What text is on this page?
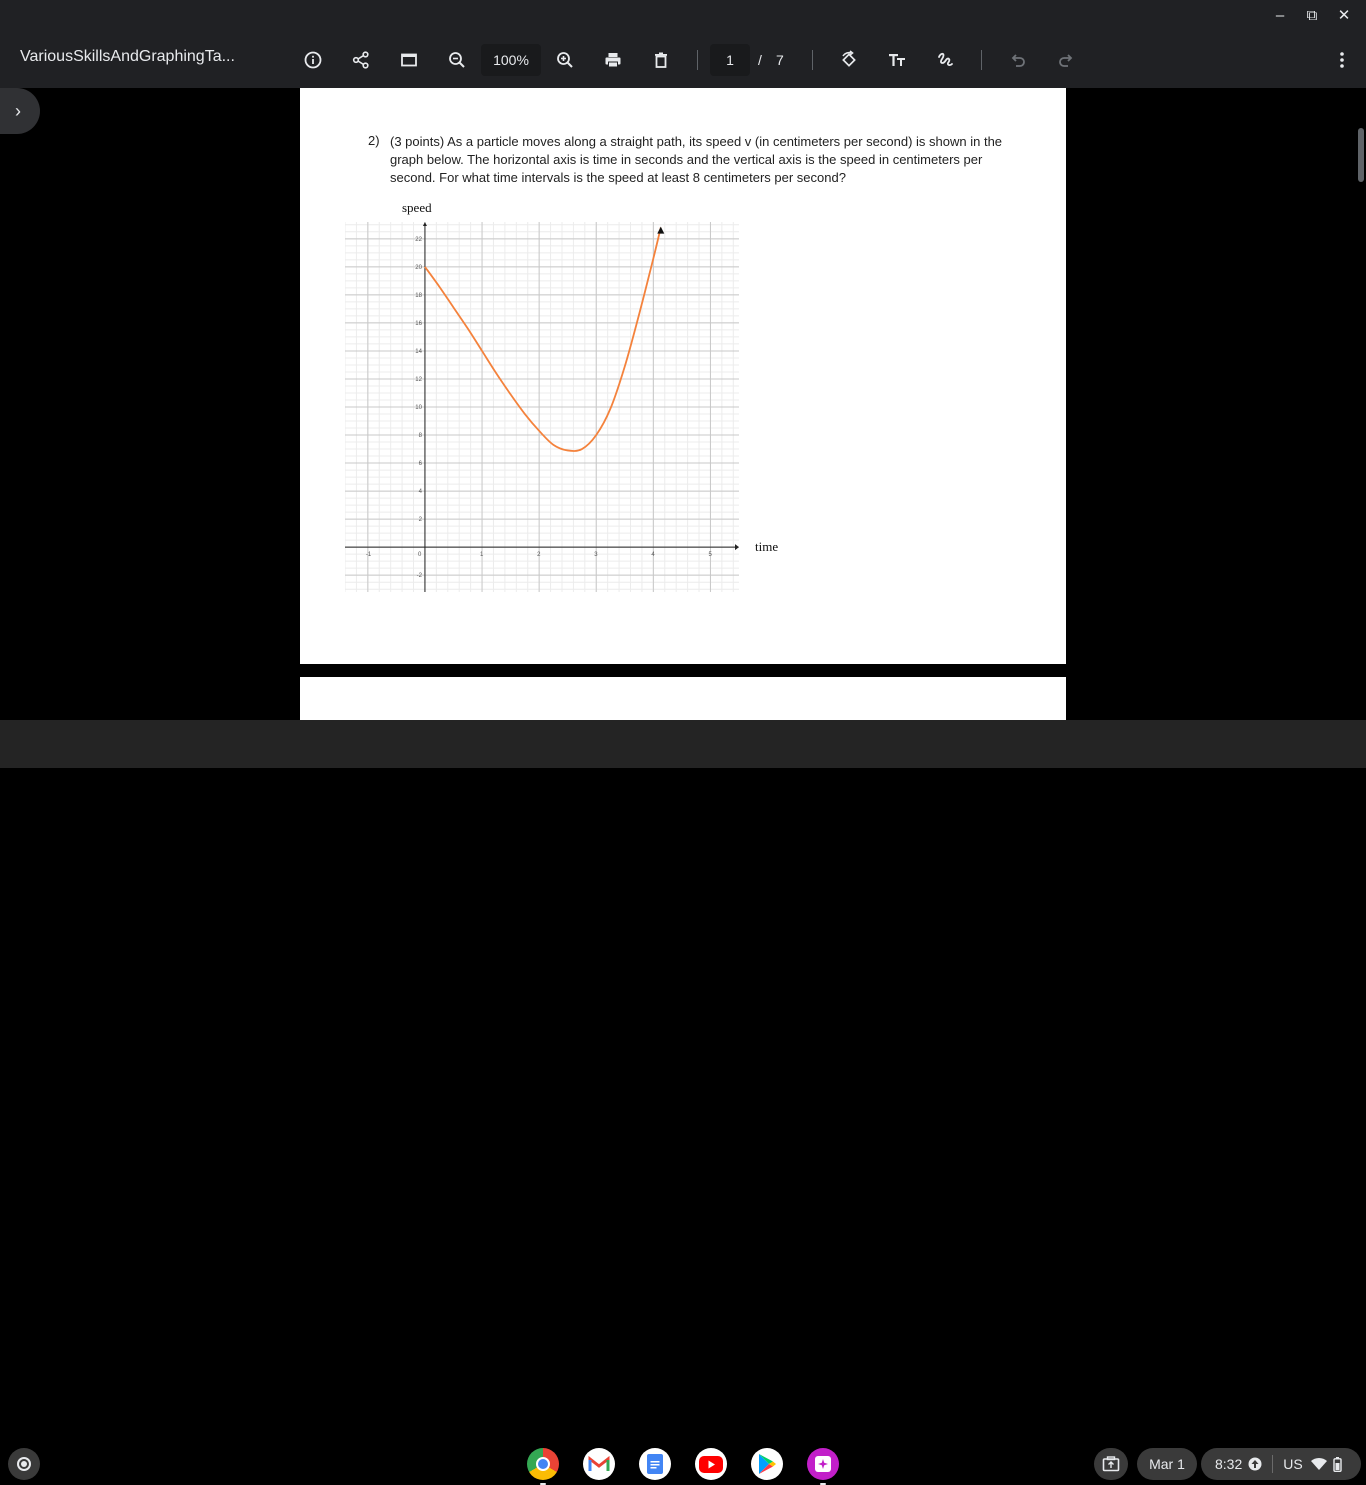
–	⧉	✕
VariousSkillsAndGraphingTa...	100%	1	/ 7
›
2) (3 points) As a particle moves along a straight path, its speed v (in centimeters per second) is shown in the graph below. The horizontal axis is time in seconds and the vertical axis is the speed in centimeters per second. For what time intervals is the speed at least 8 centimeters per second?
speed
time
-1	0	1	2	3	4	5
-2
2
4
6
8
10
12
14
16
18
20
22
Mar 1	8:32	US
